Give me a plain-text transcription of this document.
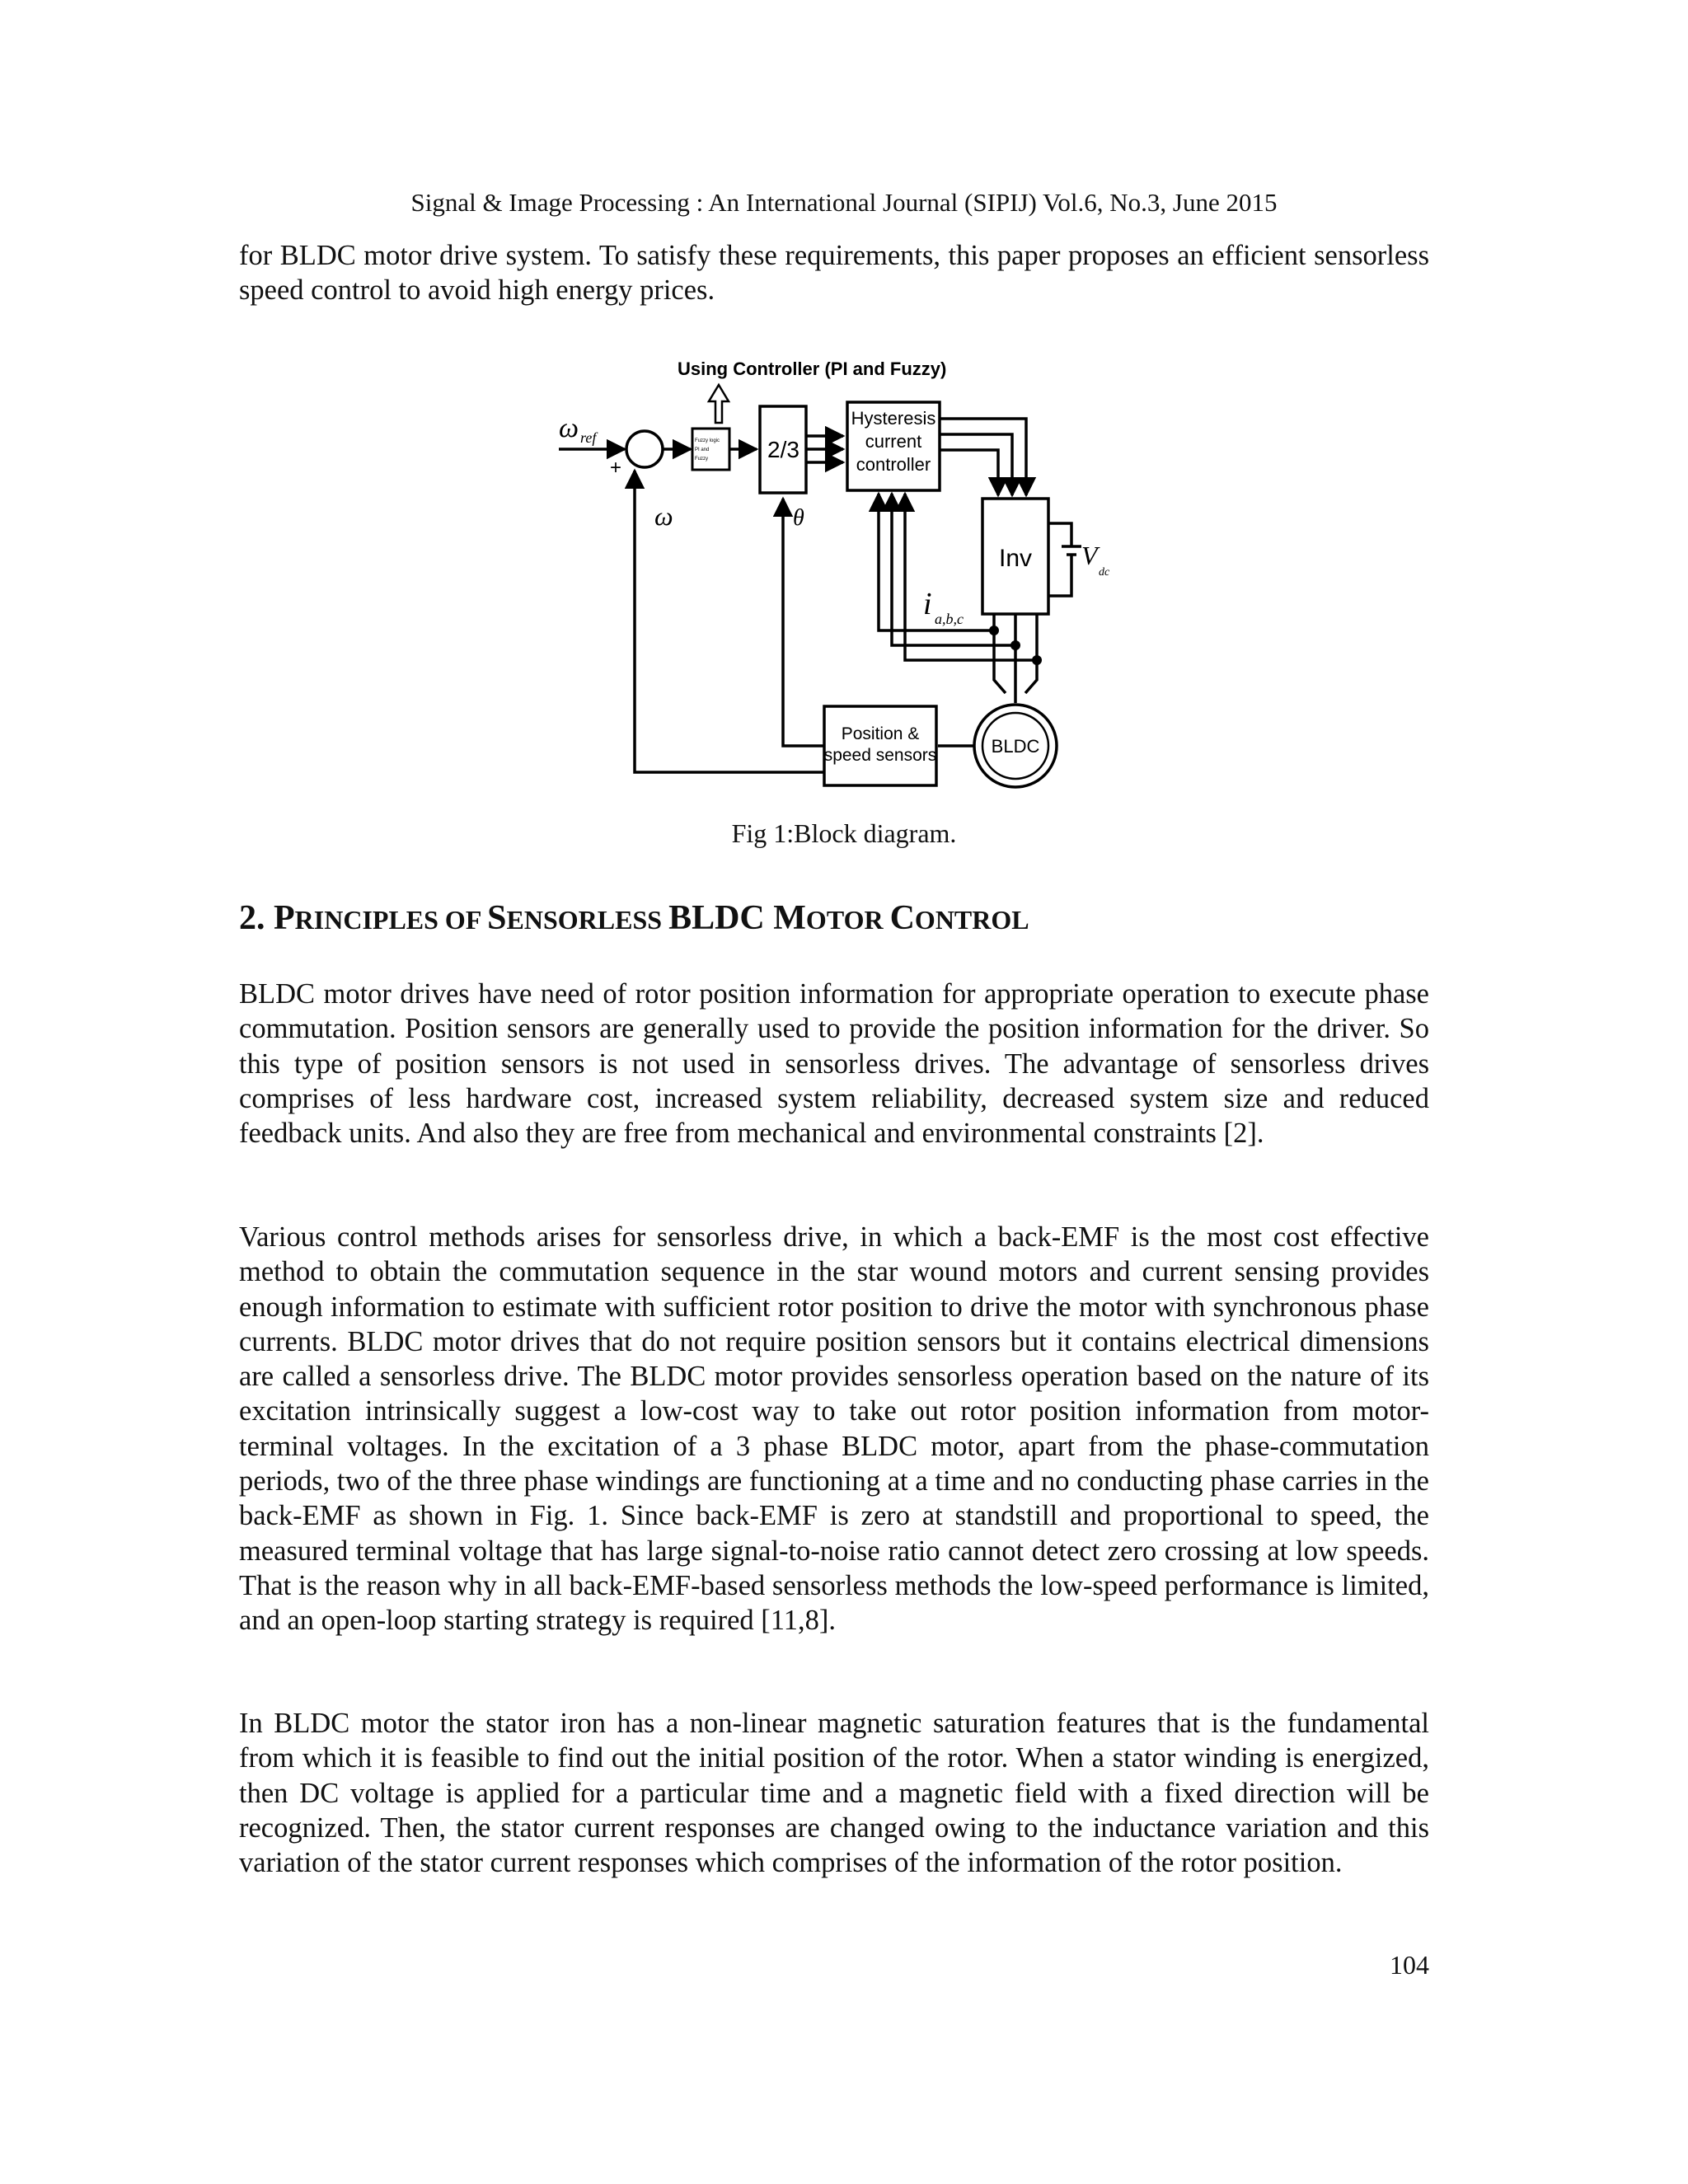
Signal & Image Processing : An International Journal (SIPIJ) Vol.6, No.3, June 2015

for BLDC motor drive system. To satisfy these requirements, this paper proposes an efficient sensorless speed control to avoid high energy prices.

Using Controller (PI and Fuzzy)
ω ref
+
-
Fuzzy logic
PI and
Fuzzy	2/3
Hysteresis
current
controller
ω	θ
Inv V
dc
i a,b,c
Position &
speed sensors	BLDC
Fig 1:Block diagram.
2. PRINCIPLES OF SENSORLESS BLDC MOTOR CONTROL

BLDC motor drives have need of rotor position information for appropriate operation to execute phase commutation. Position sensors are generally used to provide the position information for the driver. So this type of position sensors is not used in sensorless drives. The advantage of sensorless drives comprises of less hardware cost, increased system reliability, decreased system size and reduced feedback units. And also they are free from mechanical and environmental constraints [2].

Various control methods arises for sensorless drive, in which a back-EMF is the most cost effective method to obtain the commutation sequence in the star wound motors and current sensing provides enough information to estimate with sufficient rotor position to drive the motor with synchronous phase currents. BLDC motor drives that do not require position sensors but it contains electrical dimensions are called a sensorless drive. The BLDC motor provides sensorless operation based on the nature of its excitation intrinsically suggest a low-cost way to take out rotor position information from motor-terminal voltages. In the excitation of a 3 phase BLDC motor, apart from the phase-commutation periods, two of the three phase windings are functioning at a time and no conducting phase carries in the back-EMF as shown in Fig. 1. Since back-EMF is zero at standstill and proportional to speed, the measured terminal voltage that has large signal-to-noise ratio cannot detect zero crossing at low speeds. That is the reason why in all back-EMF-based sensorless methods the low-speed performance is limited, and an open-loop starting strategy is required [11,8].

In BLDC motor the stator iron has a non-linear magnetic saturation features that is the fundamental from which it is feasible to find out the initial position of the rotor. When a stator winding is energized, then DC voltage is applied for a particular time and a magnetic field with a fixed direction will be recognized. Then, the stator current responses are changed owing to the inductance variation and this variation of the stator current responses which comprises of the information of the rotor position.

104
